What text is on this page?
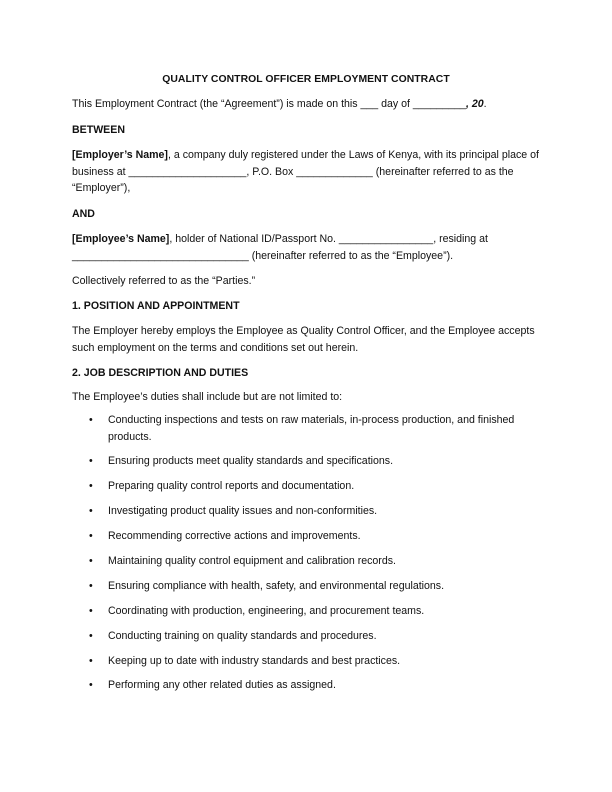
QUALITY CONTROL OFFICER EMPLOYMENT CONTRACT
This Employment Contract (the “Agreement”) is made on this ___ day of _________, 20.
BETWEEN
[Employer’s Name], a company duly registered under the Laws of Kenya, with its principal place of business at ____________________, P.O. Box _____________ (hereinafter referred to as the “Employer”),
AND
[Employee’s Name], holder of National ID/Passport No. ________________, residing at ______________________________ (hereinafter referred to as the “Employee”).
Collectively referred to as the “Parties.”
1. POSITION AND APPOINTMENT
The Employer hereby employs the Employee as Quality Control Officer, and the Employee accepts such employment on the terms and conditions set out herein.
2. JOB DESCRIPTION AND DUTIES
The Employee’s duties shall include but are not limited to:
• Conducting inspections and tests on raw materials, in-process production, and finished products.
• Ensuring products meet quality standards and specifications.
• Preparing quality control reports and documentation.
• Investigating product quality issues and non-conformities.
• Recommending corrective actions and improvements.
• Maintaining quality control equipment and calibration records.
• Ensuring compliance with health, safety, and environmental regulations.
• Coordinating with production, engineering, and procurement teams.
• Conducting training on quality standards and procedures.
• Keeping up to date with industry standards and best practices.
• Performing any other related duties as assigned.
